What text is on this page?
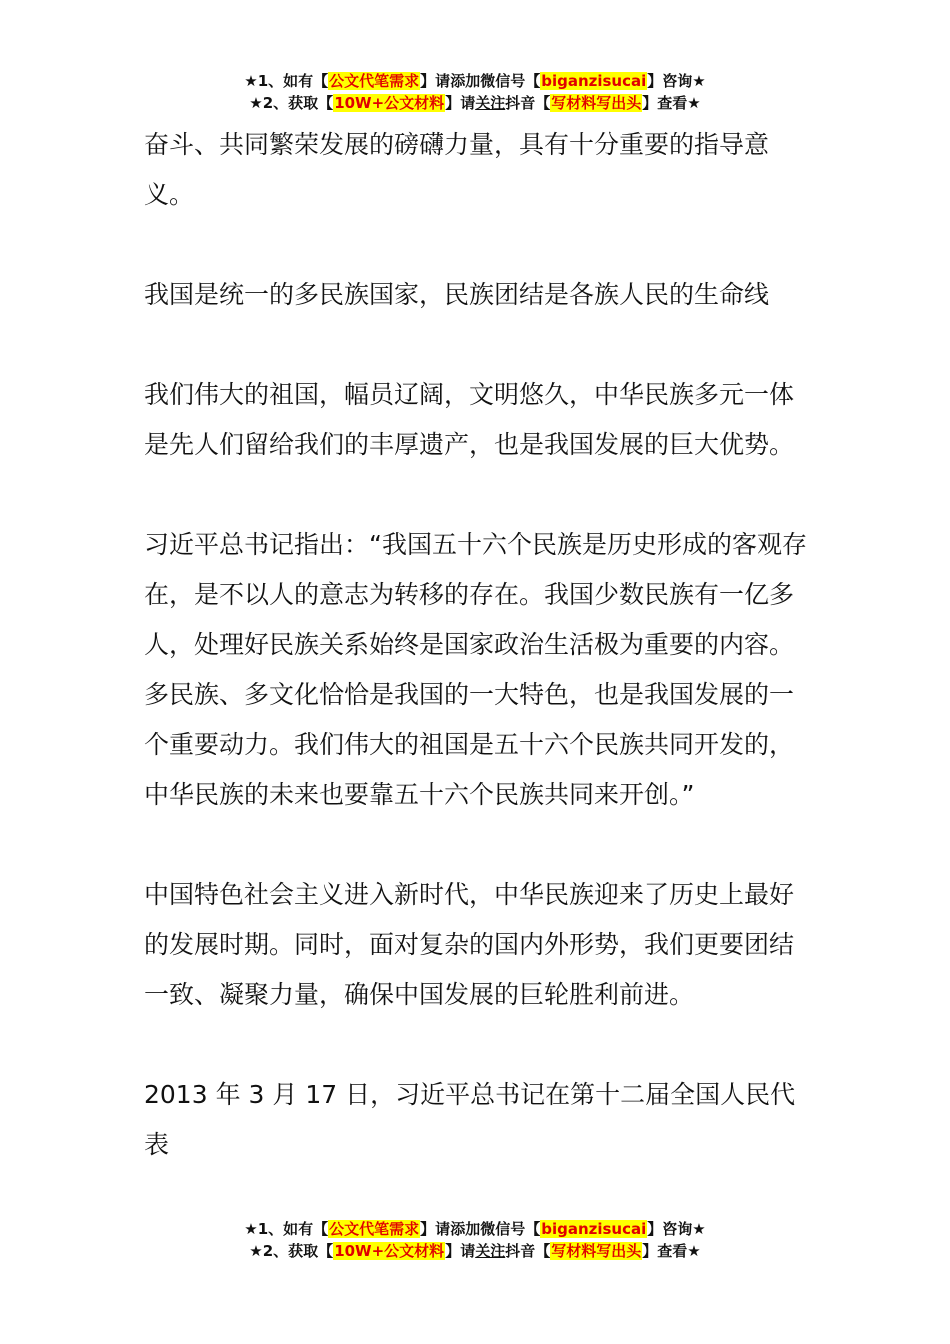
★1、如有【公文代笔需求】请添加微信号【biganzisucai】咨询★
★2、获取【10W+公文材料】请关注抖音【写材料写出头】查看★

奋斗、共同繁荣发展的磅礴力量，具有十分重要的指导意义。

我国是统一的多民族国家，民族团结是各族人民的生命线

我们伟大的祖国，幅员辽阔，文明悠久，中华民族多元一体是先人们留给我们的丰厚遗产，也是我国发展的巨大优势。

习近平总书记指出：“我国五十六个民族是历史形成的客观存在，是不以人的意志为转移的存在。我国少数民族有一亿多人，处理好民族关系始终是国家政治生活极为重要的内容。多民族、多文化恰恰是我国的一大特色，也是我国发展的一个重要动力。我们伟大的祖国是五十六个民族共同开发的，中华民族的未来也要靠五十六个民族共同来开创。”

中国特色社会主义进入新时代，中华民族迎来了历史上最好的发展时期。同时，面对复杂的国内外形势，我们更要团结一致、凝聚力量，确保中国发展的巨轮胜利前进。

2013 年 3 月 17 日，习近平总书记在第十二届全国人民代表

★1、如有【公文代笔需求】请添加微信号【biganzisucai】咨询★
★2、获取【10W+公文材料】请关注抖音【写材料写出头】查看★
